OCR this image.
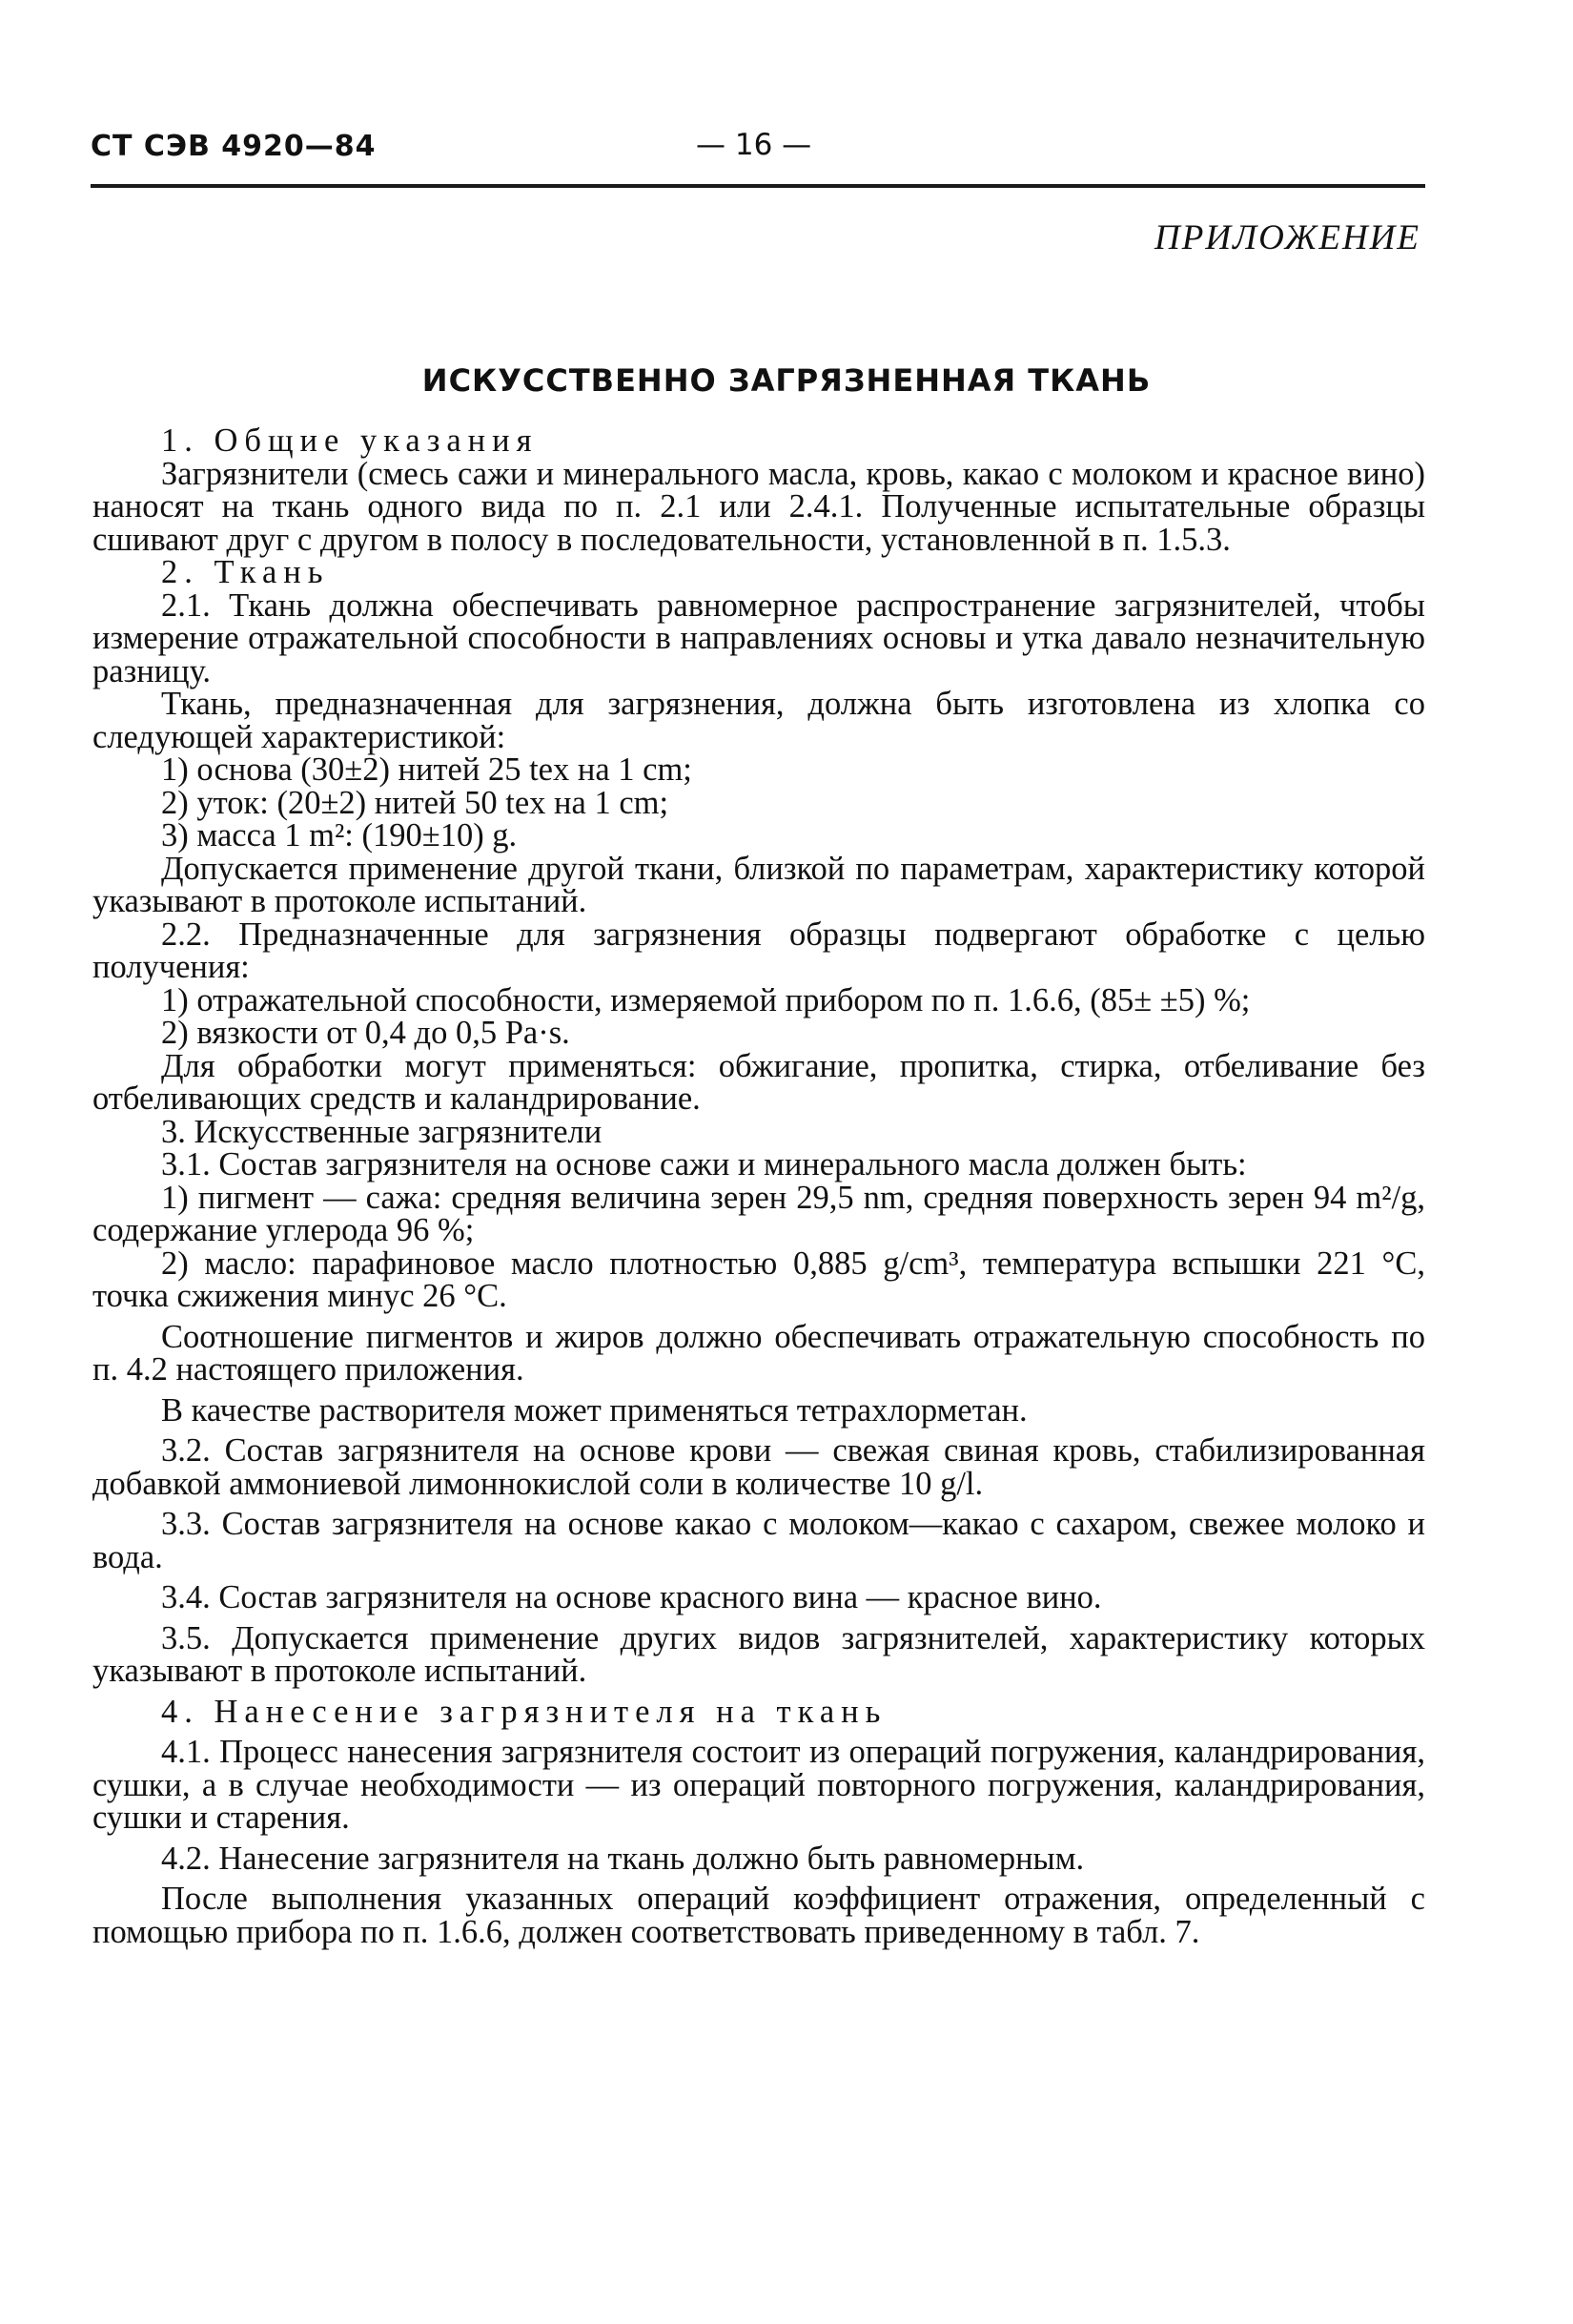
СТ СЭВ 4920—84	— 16 —
ПРИЛОЖЕНИЕ
ИСКУССТВЕННО ЗАГРЯЗНЕННАЯ ТКАНЬ

1. Общие указания

Загрязнители (смесь сажи и минерального масла, кровь, какао с молоком и красное вино) наносят на ткань одного вида по п. 2.1 или 2.4.1. Полученные испытательные образцы сшивают друг с другом в полосу в последовательности, установленной в п. 1.5.3.

2. Ткань

2.1. Ткань должна обеспечивать равномерное распространение загрязнителей, чтобы измерение отражательной способности в направлениях основы и утка давало незначительную разницу.

Ткань, предназначенная для загрязнения, должна быть изготовлена из хлопка со следующей характеристикой:

1) основа (30±2) нитей 25 tex на 1 cm;

2) уток: (20±2) нитей 50 tex на 1 cm;

3) масса 1 m²: (190±10) g.

Допускается применение другой ткани, близкой по параметрам, характеристику которой указывают в протоколе испытаний.

2.2. Предназначенные для загрязнения образцы подвергают обработке с целью получения:

1) отражательной способности, измеряемой прибором по п. 1.6.6, (85± ±5) %;

2) вязкости от 0,4 до 0,5 Pa·s.

Для обработки могут применяться: обжигание, пропитка, стирка, отбеливание без отбеливающих средств и каландрирование.

3. Искусственные загрязнители

3.1. Состав загрязнителя на основе сажи и минерального масла должен быть:

1) пигмент — сажа: средняя величина зерен 29,5 nm, средняя поверхность зерен 94 m²/g, содержание углерода 96 %;

2) масло: парафиновое масло плотностью 0,885 g/cm³, температура вспышки 221 °C, точка сжижения минус 26 °C.

Соотношение пигментов и жиров должно обеспечивать отражательную способность по п. 4.2 настоящего приложения.

В качестве растворителя может применяться тетрахлорметан.

3.2. Состав загрязнителя на основе крови — свежая свиная кровь, стабилизированная добавкой аммониевой лимоннокислой соли в количестве 10 g/l.

3.3. Состав загрязнителя на основе какао с молоком—какао с сахаром, свежее молоко и вода.

3.4. Состав загрязнителя на основе красного вина — красное вино.

3.5. Допускается применение других видов загрязнителей, характеристику которых указывают в протоколе испытаний.

4. Нанесение загрязнителя на ткань

4.1. Процесс нанесения загрязнителя состоит из операций погружения, каландрирования, сушки, а в случае необходимости — из операций повторного погружения, каландрирования, сушки и старения.

4.2. Нанесение загрязнителя на ткань должно быть равномерным.

После выполнения указанных операций коэффициент отражения, определенный с помощью прибора по п. 1.6.6, должен соответствовать приведенному в табл. 7.
